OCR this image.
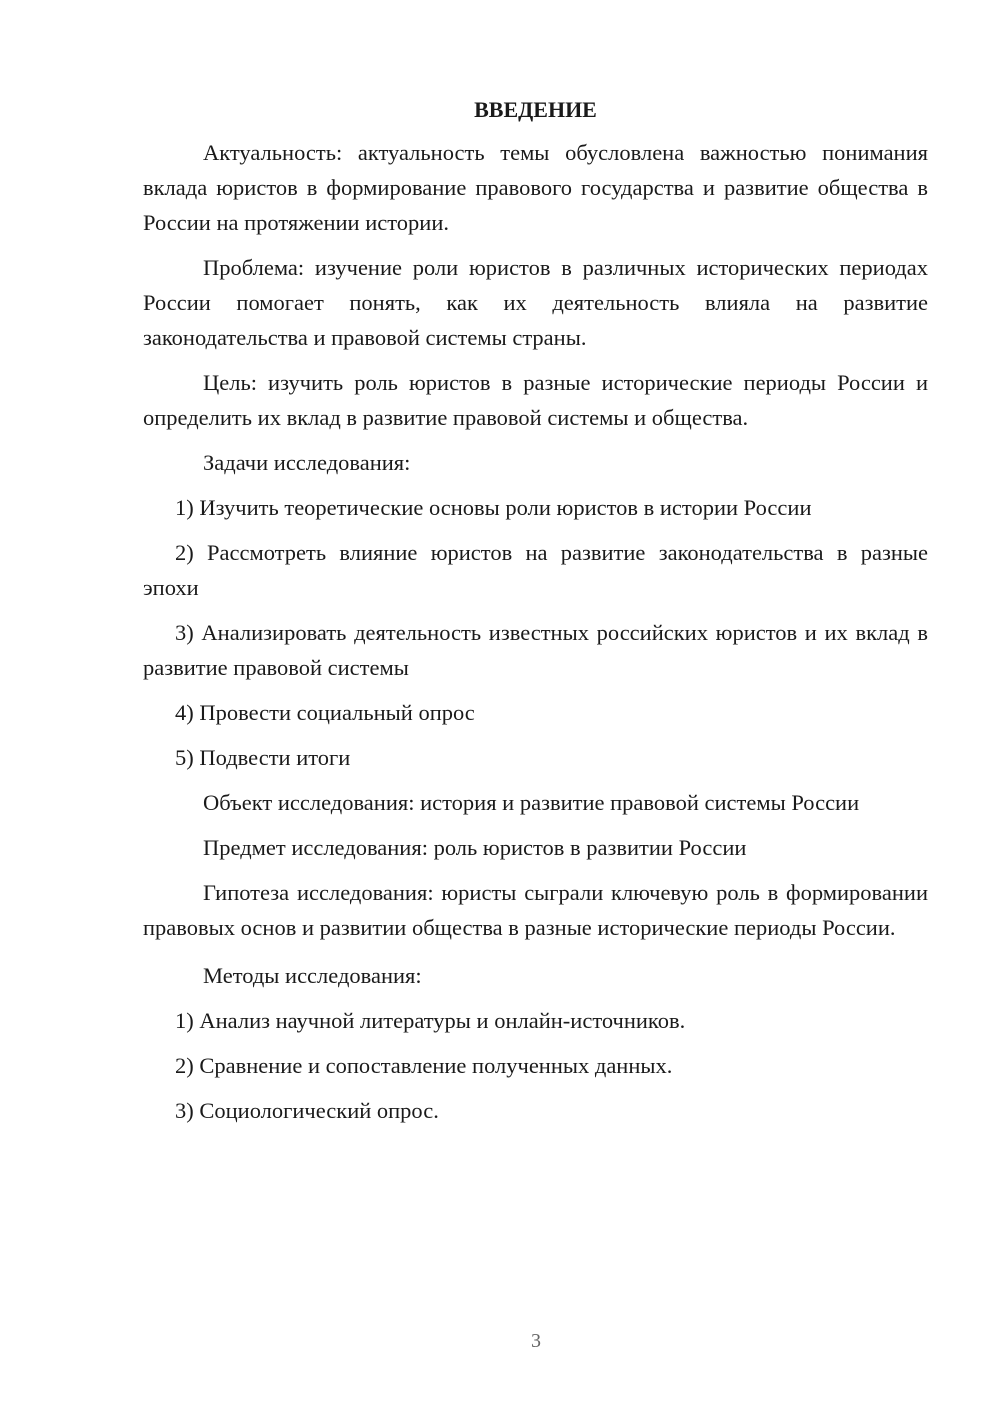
ВВЕДЕНИЕ

Актуальность: актуальность темы обусловлена важностью понимания вклада юристов в формирование правового государства и развитие общества в России на протяжении истории.

Проблема: изучение роли юристов в различных исторических периодах России помогает понять, как их деятельность влияла на развитие законодательства и правовой системы страны.

Цель: изучить роль юристов в разные исторические периоды России и определить их вклад в развитие правовой системы и общества.

Задачи исследования:

1) Изучить теоретические основы роли юристов в истории России

2) Рассмотреть влияние юристов на развитие законодательства в разные эпохи

3) Анализировать деятельность известных российских юристов и их вклад в развитие правовой системы

4) Провести социальный опрос

5) Подвести итоги

Объект исследования: история и развитие правовой системы России

Предмет исследования: роль юристов в развитии России

Гипотеза исследования: юристы сыграли ключевую роль в формировании правовых основ и развитии общества в разные исторические периоды России.

Методы исследования:

1) Анализ научной литературы и онлайн-источников.

2) Сравнение и сопоставление полученных данных.

3) Социологический опрос.

3
